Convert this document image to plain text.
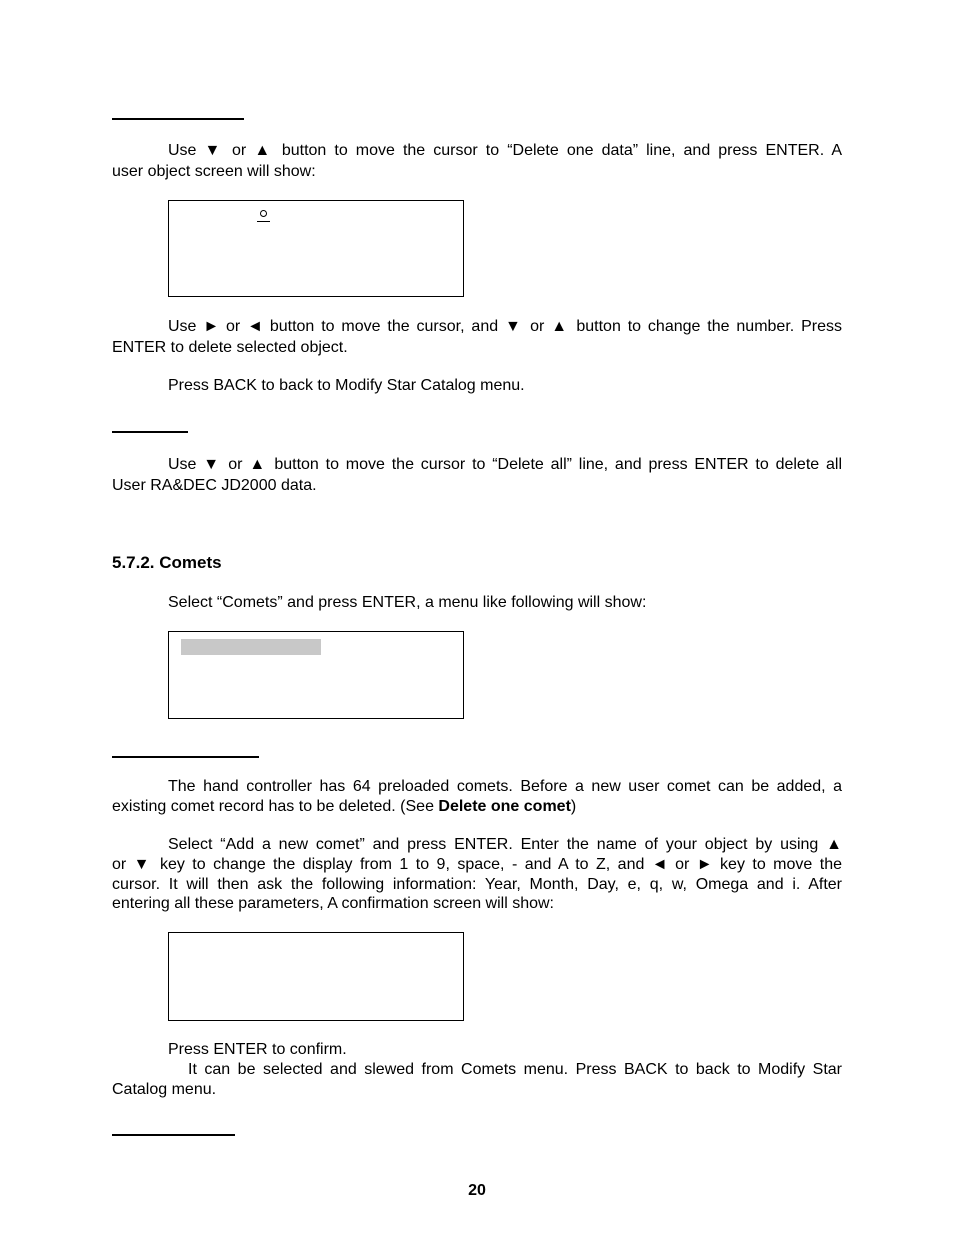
Use ▼ or ▲ button to move the cursor to “Delete one data” line, and press ENTER. A

user object screen will show:

Use ► or ◄ button to move the cursor, and ▼ or ▲ button to change the number. Press

ENTER to delete selected object.

Press BACK to back to Modify Star Catalog menu.

Use ▼ or ▲ button to move the cursor to “Delete all” line, and press ENTER to delete all

User RA&DEC JD2000 data.

5.7.2. Comets

Select “Comets” and press ENTER, a menu like following will show:

The hand controller has 64 preloaded comets. Before a new user comet can be added, a

existing comet record has to be deleted. (See Delete one comet)

Select “Add a new comet” and press ENTER. Enter the name of your object by using ▲

or ▼ key to change the display from 1 to 9, space, - and A to Z, and ◄ or ► key to move the

cursor. It will then ask the following information: Year, Month, Day, e, q, w, Omega and i. After

entering all these parameters, A confirmation screen will show:

Press ENTER to confirm.

It can be selected and slewed from Comets menu. Press BACK to back to Modify Star

Catalog menu.

20
